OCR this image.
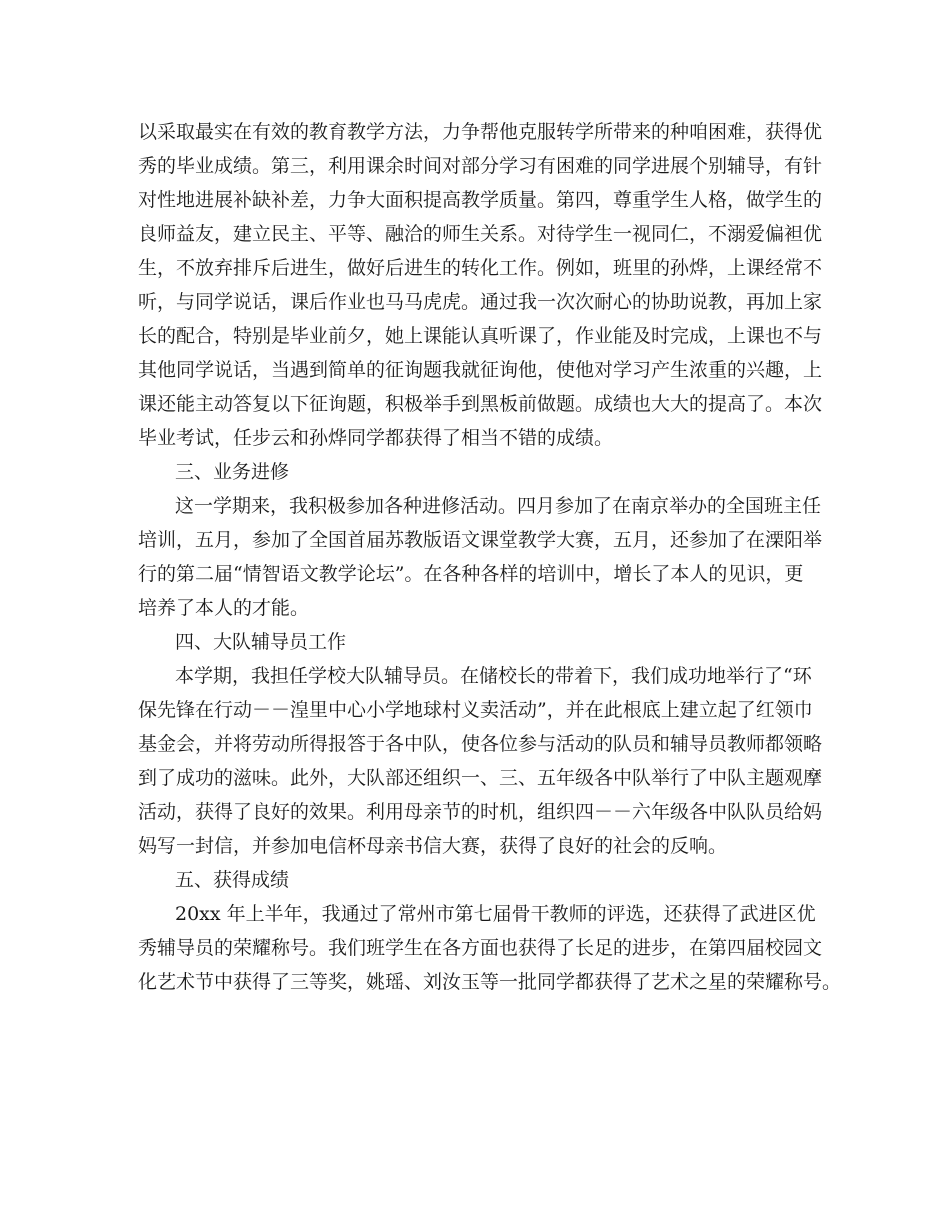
以采取最实在有效的教育教学方法，力争帮他克服转学所带来的种咱困难，获得优
秀的毕业成绩。第三，利用课余时间对部分学习有困难的同学进展个别辅导，有针
对性地进展补缺补差，力争大面积提高教学质量。第四，尊重学生人格，做学生的
良师益友，建立民主、平等、融洽的师生关系。对待学生一视同仁，不溺爱偏袒优
生，不放弃排斥后进生，做好后进生的转化工作。例如，班里的孙烨，上课经常不
听，与同学说话，课后作业也马马虎虎。通过我一次次耐心的协助说教，再加上家
长的配合，特别是毕业前夕，她上课能认真听课了，作业能及时完成，上课也不与
其他同学说话，当遇到简单的征询题我就征询他，使他对学习产生浓重的兴趣，上
课还能主动答复以下征询题，积极举手到黑板前做题。成绩也大大的提高了。本次
毕业考试，任步云和孙烨同学都获得了相当不错的成绩。
三、业务进修
这一学期来，我积极参加各种进修活动。四月参加了在南京举办的全国班主任
培训，五月，参加了全国首届苏教版语文课堂教学大赛，五月，还参加了在溧阳举
行的第二届“情智语文教学论坛”。在各种各样的培训中，增长了本人的见识，更
培养了本人的才能。
四、大队辅导员工作
本学期，我担任学校大队辅导员。在储校长的带着下，我们成功地举行了“环
保先锋在行动－－湟里中心小学地球村义卖活动”，并在此根底上建立起了红领巾
基金会，并将劳动所得报答于各中队，使各位参与活动的队员和辅导员教师都领略
到了成功的滋味。此外，大队部还组织一、三、五年级各中队举行了中队主题观摩
活动，获得了良好的效果。利用母亲节的时机，组织四－－六年级各中队队员给妈
妈写一封信，并参加电信杯母亲书信大赛，获得了良好的社会的反响。
五、获得成绩
20xx 年上半年，我通过了常州市第七届骨干教师的评选，还获得了武进区优
秀辅导员的荣耀称号。我们班学生在各方面也获得了长足的进步，在第四届校园文
化艺术节中获得了三等奖，姚瑶、刘汝玉等一批同学都获得了艺术之星的荣耀称号。
